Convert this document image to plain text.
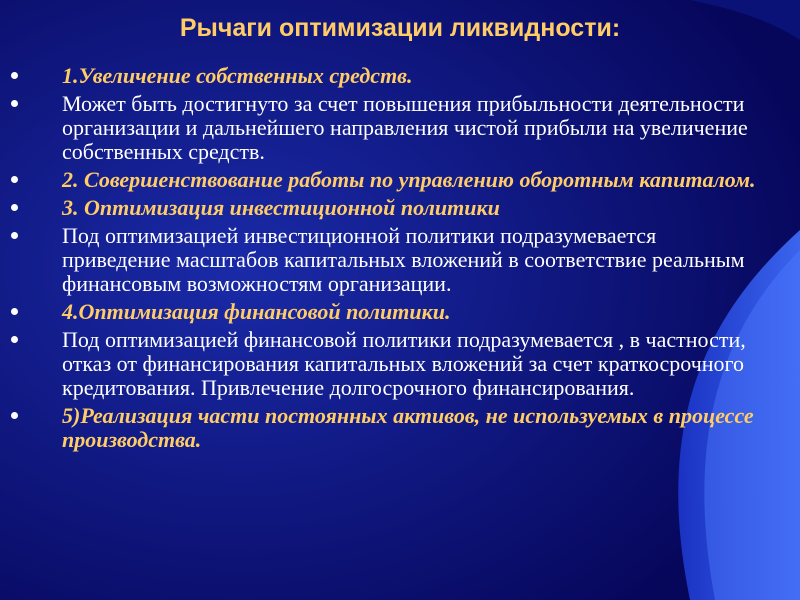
Рычаги оптимизации ликвидности:
1.Увеличение собственных средств.
Может быть достигнуто за счет повышения прибыльности деятельности организации и дальнейшего направления чистой прибыли на увеличение собственных средств.
2. Совершенствование работы по управлению оборотным капиталом.
3. Оптимизация инвестиционной политики
Под оптимизацией инвестиционной политики подразумевается приведение масштабов капитальных вложений в соответствие реальным финансовым возможностям организации.
4.Оптимизация финансовой политики.
Под оптимизацией финансовой политики подразумевается , в частности, отказ от финансирования капитальных вложений за счет краткосрочного кредитования. Привлечение долгосрочного финансирования.
5)Реализация части постоянных активов, не используемых в процессе производства.
